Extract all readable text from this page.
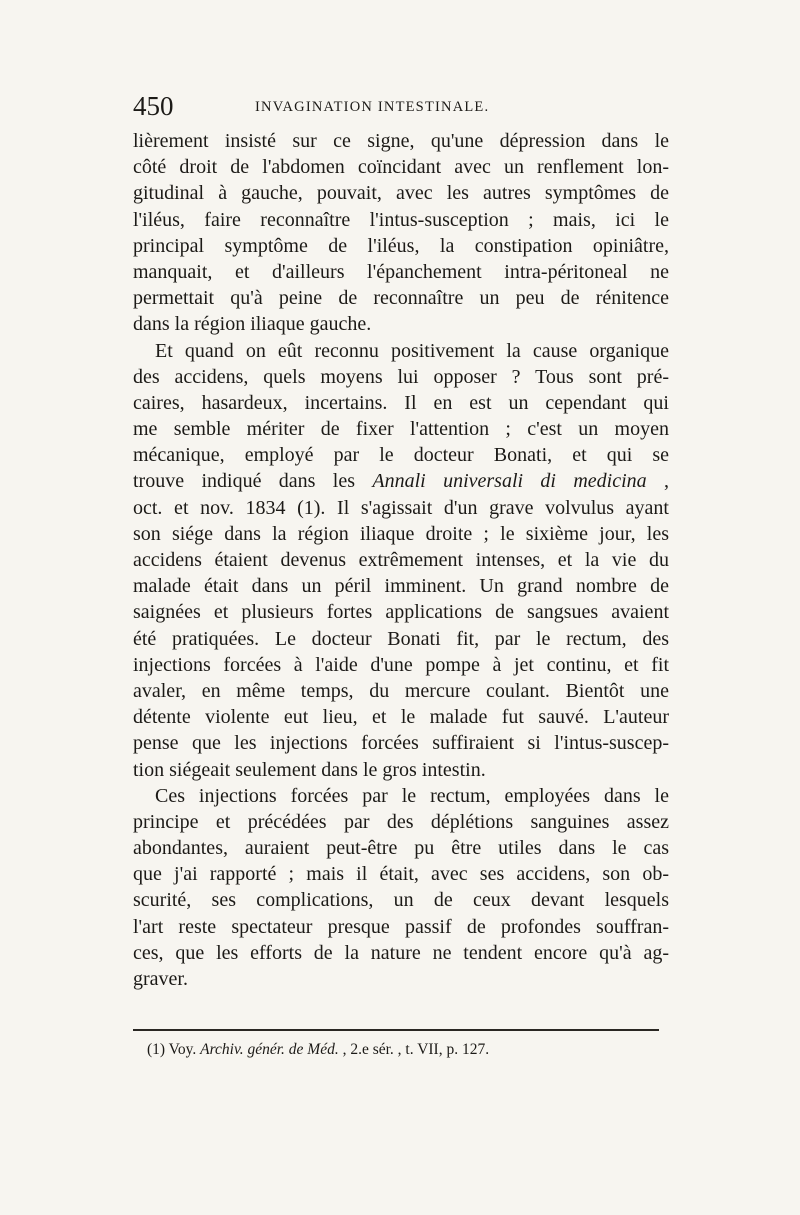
450	INVAGINATION INTESTINALE.
lièrement insisté sur ce signe, qu'une dépression dans le
côté droit de l'abdomen coïncidant avec un renflement lon-
gitudinal à gauche, pouvait, avec les autres symptômes de
l'iléus, faire reconnaître l'intus-susception ; mais, ici le
principal symptôme de l'iléus, la constipation opiniâtre,
manquait, et d'ailleurs l'épanchement intra-péritoneal ne
permettait qu'à peine de reconnaître un peu de rénitence
dans la région iliaque gauche.
Et quand on eût reconnu positivement la cause organique
des accidens, quels moyens lui opposer ? Tous sont pré-
caires, hasardeux, incertains. Il en est un cependant qui
me semble mériter de fixer l'attention ; c'est un moyen
mécanique, employé par le docteur Bonati, et qui se
trouve indiqué dans les Annali universali di medicina ,
oct. et nov. 1834 (1). Il s'agissait d'un grave volvulus ayant
son siége dans la région iliaque droite ; le sixième jour, les
accidens étaient devenus extrêmement intenses, et la vie du
malade était dans un péril imminent. Un grand nombre de
saignées et plusieurs fortes applications de sangsues avaient
été pratiquées. Le docteur Bonati fit, par le rectum, des
injections forcées à l'aide d'une pompe à jet continu, et fit
avaler, en même temps, du mercure coulant. Bientôt une
détente violente eut lieu, et le malade fut sauvé. L'auteur
pense que les injections forcées suffiraient si l'intus-suscep-
tion siégeait seulement dans le gros intestin.
Ces injections forcées par le rectum, employées dans le
principe et précédées par des déplétions sanguines assez
abondantes, auraient peut-être pu être utiles dans le cas
que j'ai rapporté ; mais il était, avec ses accidens, son ob-
scurité, ses complications, un de ceux devant lesquels
l'art reste spectateur presque passif de profondes souffran-
ces, que les efforts de la nature ne tendent encore qu'à ag-
graver.
(1) Voy. Archiv. génér. de Méd. , 2.e sér. , t. VII, p. 127.
